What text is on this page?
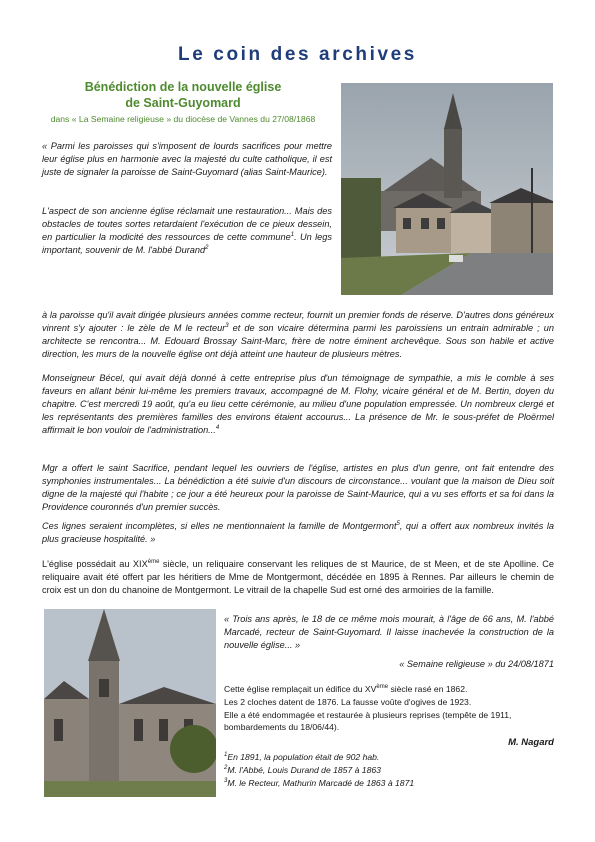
Le coin des archives
Bénédiction de la nouvelle église
de Saint-Guyomard
dans « La Semaine religieuse » du diocèse de Vannes du 27/08/1868
« Parmi les paroisses qui s'imposent de lourds sacrifices pour mettre leur église plus en harmonie avec la majesté du culte catholique, il est juste de signaler la paroisse de Saint-Guyomard (alias Saint-Maurice).
L'aspect de son ancienne église réclamait une restauration... Mais des obstacles de toutes sortes retardaient l'exécution de ce pieux dessein, en particulier la modicité des ressources de cette commune$^1$. Un legs important, souvenir de M. l'abbé Durand$^2$
à la paroisse qu'il avait dirigée plusieurs années comme recteur, fournit un premier fonds de réserve. D'autres dons généreux vinrent s'y ajouter : le zèle de M le recteur$^3$ et de son vicaire détermina parmi les paroissiens un entrain admirable ; un architecte se rencontra... M. Edouard Brossay Saint-Marc, frère de notre éminent archevêque. Sous son habile et active direction, les murs de la nouvelle église ont déjà atteint une hauteur de plusieurs mètres.
Monseigneur Bécel, qui avait déjà donné à cette entreprise plus d'un témoignage de sympathie, a mis le comble à ses faveurs en allant bénir lui-même les premiers travaux, accompagné de M. Flohy, vicaire général et de M. Bertin, doyen du chapitre. C'est mercredi 19 août, qu'a eu lieu cette cérémonie, au milieu d'une population empressée. Un nombreux clergé et les représentants des premières familles des environs étaient accourus... La présence de Mr. le sous-préfet de Ploërmel affirmait le bon vouloir de l'administration...$^4$
Mgr a offert le saint Sacrifice, pendant lequel les ouvriers de l'église, artistes en plus d'un genre, ont fait entendre des symphonies instrumentales... La bénédiction a été suivie d'un discours de circonstance... voulant que la maison de Dieu soit digne de la majesté qui l'habite ; ce jour a été heureux pour la paroisse de Saint-Maurice, qui a vu ses efforts et sa foi dans la Providence couronnés d'un premier succès.
Ces lignes seraient incomplètes, si elles ne mentionnaient la famille de Montgermont$^5$, qui a offert aux nombreux invités la plus gracieuse hospitalité. »
L'église possédait au XIXème siècle, un reliquaire conservant les reliques de st Maurice, de st Meen, et de ste Apolline. Ce reliquaire avait été offert par les héritiers de Mme de Montgermont, décédée en 1895 à Rennes. Par ailleurs le chemin de croix est un don du chanoine de Montgermont. Le vitrail de la chapelle Sud est orné des armoiries de la famille.
« Trois ans après, le 18 de ce même mois mourait, à l'âge de 66 ans, M. l'abbé Marcadé, recteur de Saint-Guyomard. Il laisse inachevée la construction de la nouvelle église... »
« Semaine religieuse » du 24/08/1871
Cette église remplaçait un édifice du XVème siècle rasé en 1862.
Les 2 cloches datent de 1876. La fausse voûte d'ogives de 1923.
Elle a été endommagée et restaurée à plusieurs reprises (tempête de 1911, bombardements du 18/06/44).
M. Nagard
$^1$En 1891, la population était de 902 hab.
$^2$M. l'Abbé, Louis Durand de 1857 à 1863
$^3$M. le Recteur, Mathurin Marcadé de 1863 à 1871
